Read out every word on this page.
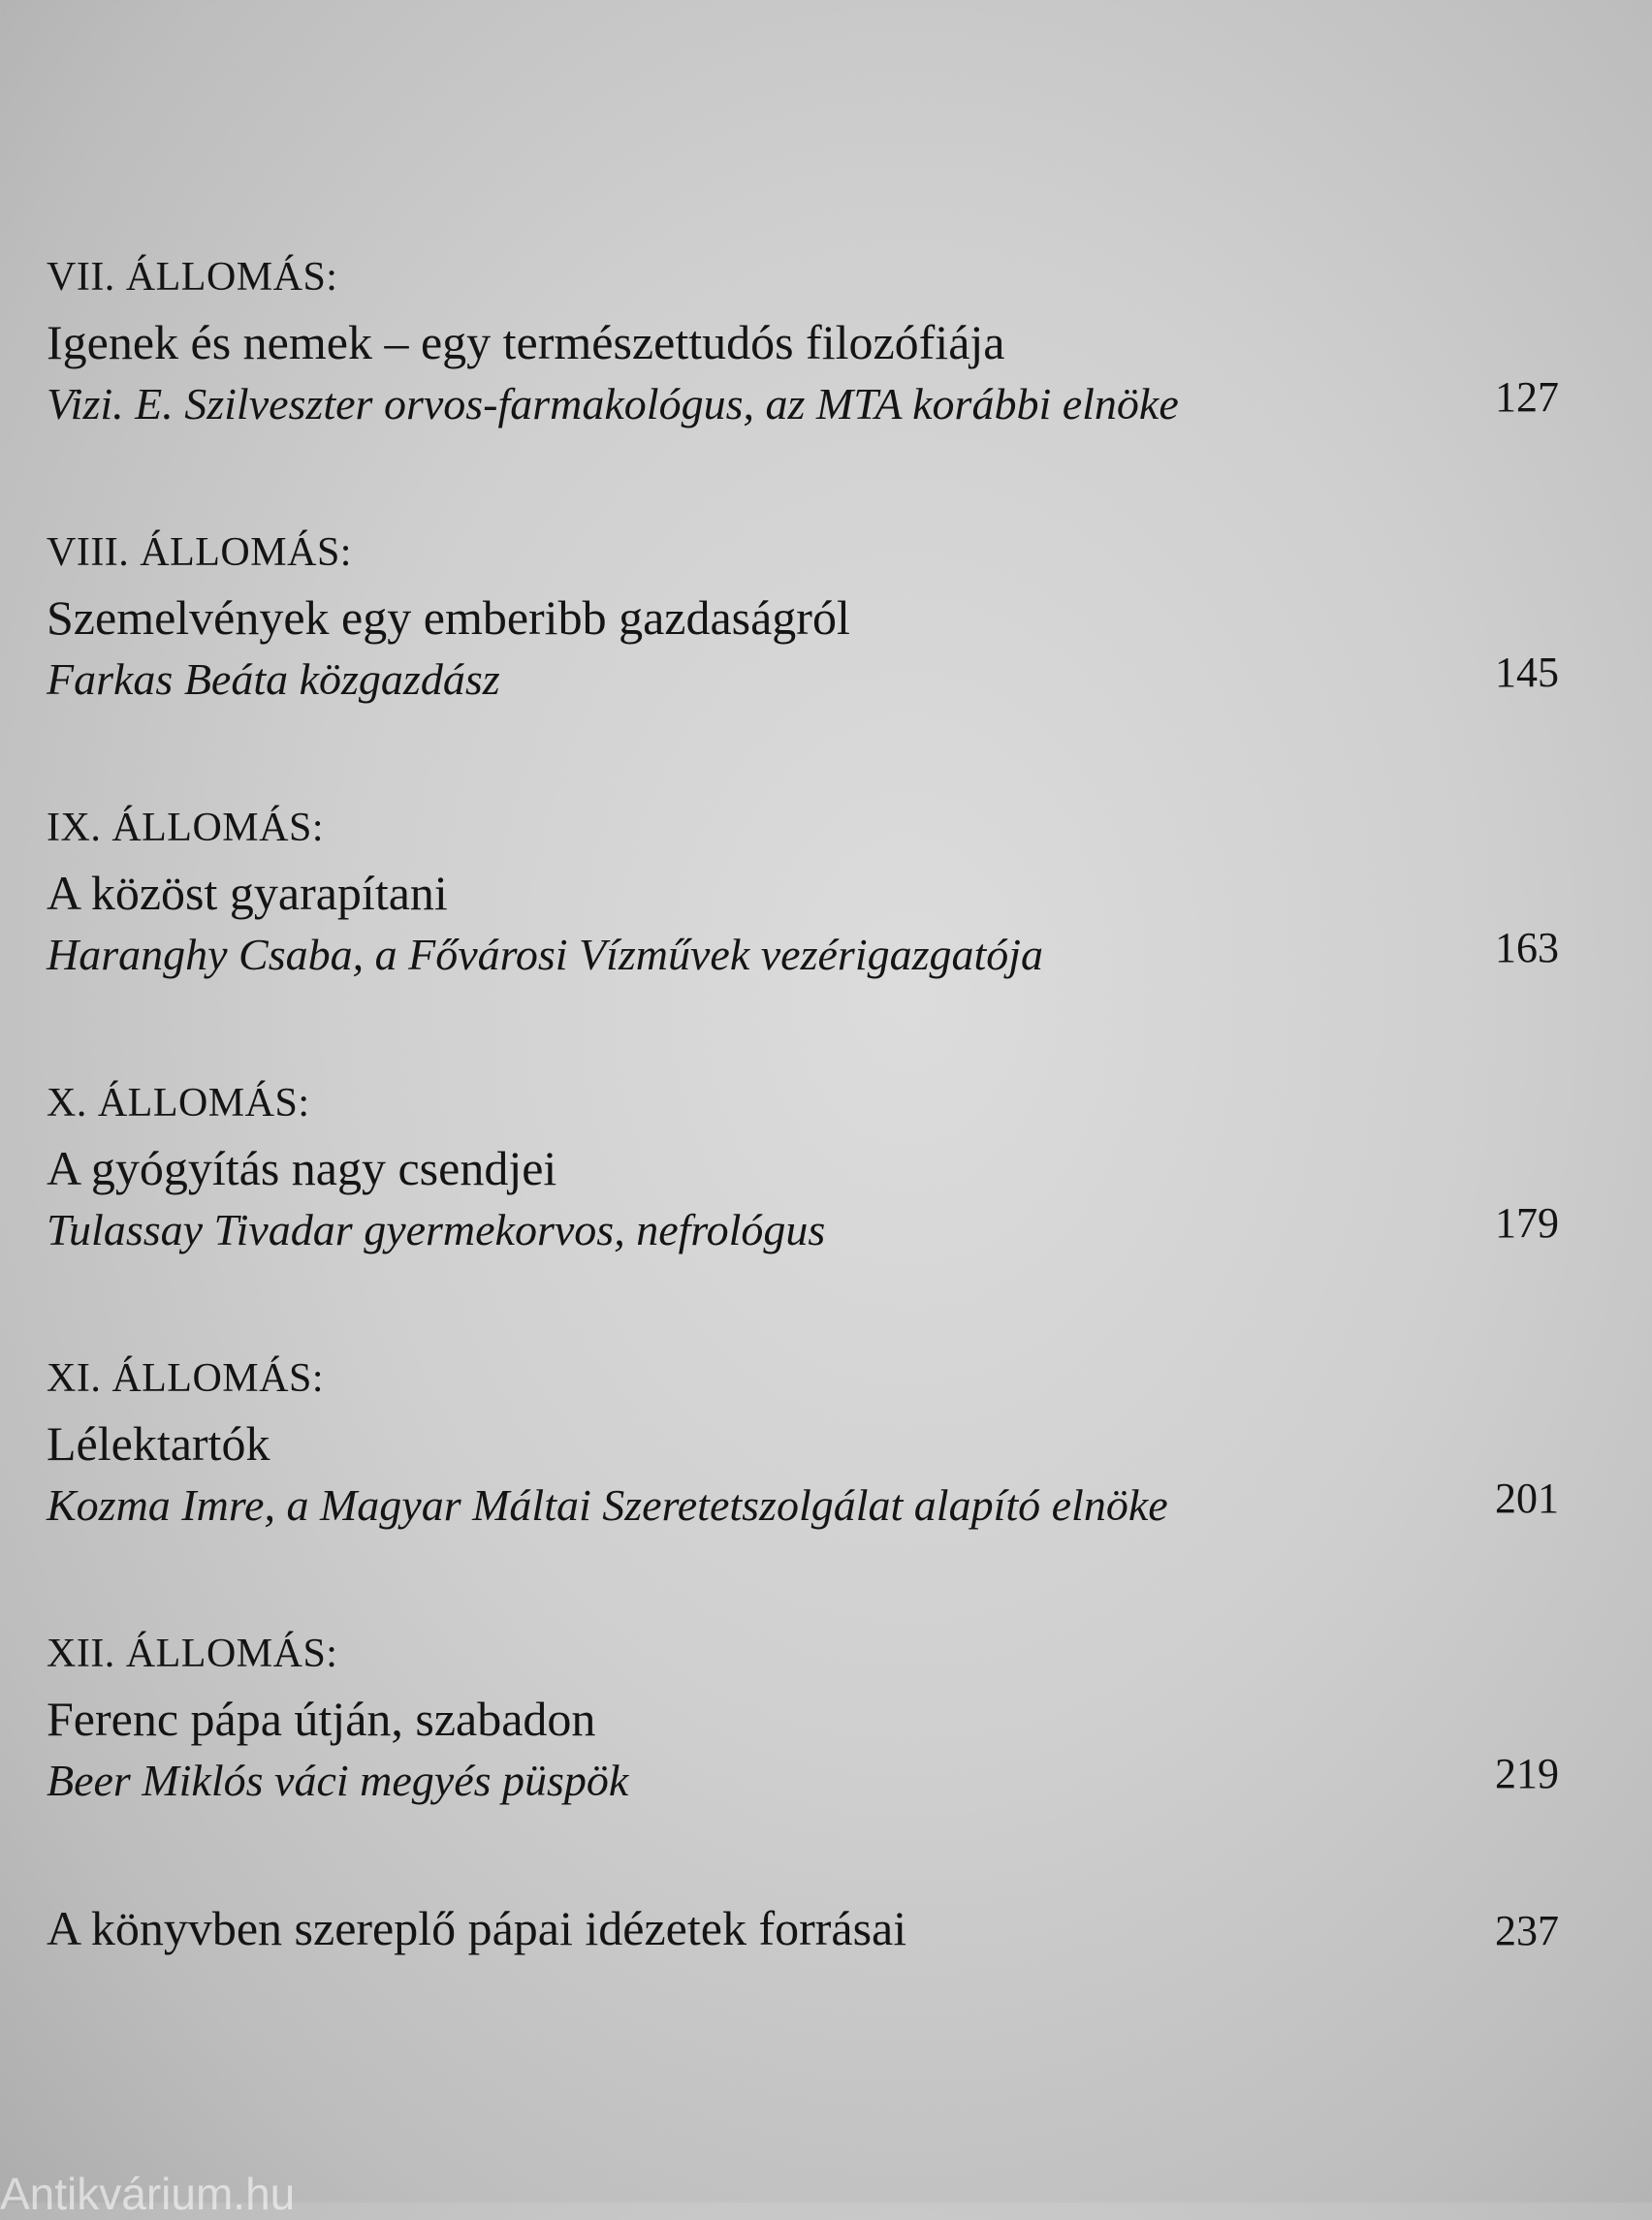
VII. ÁLLOMÁS:
Igenek és nemek – egy természettudós filozófiája
Vizi. E. Szilveszter orvos-farmakológus, az MTA korábbi elnöke	127
VIII. ÁLLOMÁS:
Szemelvények egy emberibb gazdaságról
Farkas Beáta közgazdász	145
IX. ÁLLOMÁS:
A közöst gyarapítani
Haranghy Csaba, a Fővárosi Vízművek vezérigazgatója	163
X. ÁLLOMÁS:
A gyógyítás nagy csendjei
Tulassay Tivadar gyermekorvos, nefrológus	179
XI. ÁLLOMÁS:
Lélektartók
Kozma Imre, a Magyar Máltai Szeretetszolgálat alapító elnöke	201
XII. ÁLLOMÁS:
Ferenc pápa útján, szabadon
Beer Miklós váci megyés püspök	219
A könyvben szereplő pápai idézetek forrásai	237
Antikvárium.hu
